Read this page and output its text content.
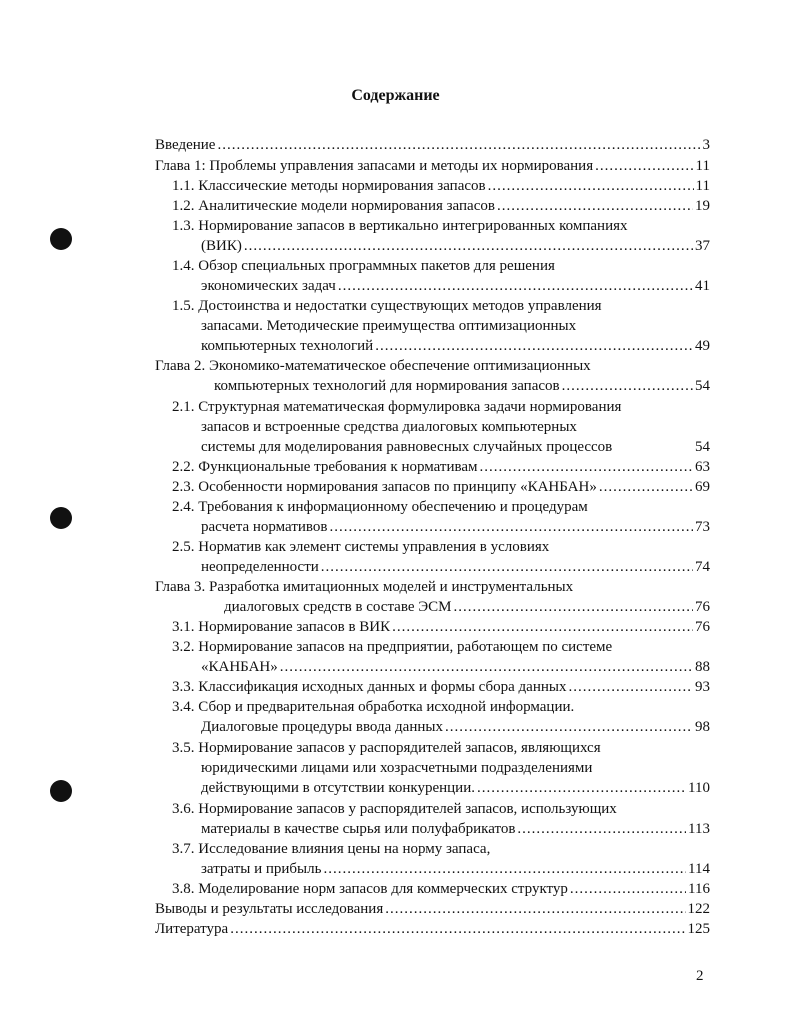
Содержание
Введение .....	3
Глава 1: Проблемы управления запасами и методы их нормирования .....	11
1.1. Классические методы нормирования запасов .....	11
1.2. Аналитические модели нормирования запасов .....	19
1.3. Нормирование запасов в вертикально интегрированных компаниях
(ВИК) .....	37
1.4. Обзор специальных программных пакетов для решения
экономических задач .....	41
1.5. Достоинства и недостатки существующих методов управления
запасами. Методические преимущества оптимизационных
компьютерных технологий .....	49
Глава 2. Экономико-математическое обеспечение оптимизационных
компьютерных технологий для нормирования запасов .....	54
2.1. Структурная математическая формулировка задачи нормирования
запасов и встроенные средства диалоговых компьютерных
системы для моделирования равновесных случайных процессов	54
2.2. Функциональные требования к нормативам .....	63
2.3. Особенности нормирования запасов по принципу «КАНБАН» .....	69
2.4. Требования к информационному обеспечению и процедурам
расчета нормативов .....	73
2.5. Норматив как элемент системы управления в условиях
неопределенности .....	74
Глава 3. Разработка имитационных моделей и инструментальных
диалоговых средств в составе ЭСМ .....	76
3.1. Нормирование запасов в ВИК .....	76
3.2. Нормирование запасов на предприятии, работающем по системе
«КАНБАН» .....	88
3.3. Классификация исходных данных и формы сбора данных .....	93
3.4. Сбор и предварительная обработка исходной информации.
Диалоговые процедуры ввода данных .....	98
3.5. Нормирование запасов у распорядителей запасов, являющихся
юридическими лицами или хозрасчетными подразделениями
действующими в отсутствии конкуренции. .....	110
3.6. Нормирование запасов у распорядителей запасов, использующих
материалы в качестве сырья или полуфабрикатов .....	113
3.7. Исследование влияния цены на норму запаса,
затраты и прибыль .....	114
3.8. Моделирование норм запасов для коммерческих структур .....	116
Выводы и результаты исследования .....	122
Литература .....	125
2
